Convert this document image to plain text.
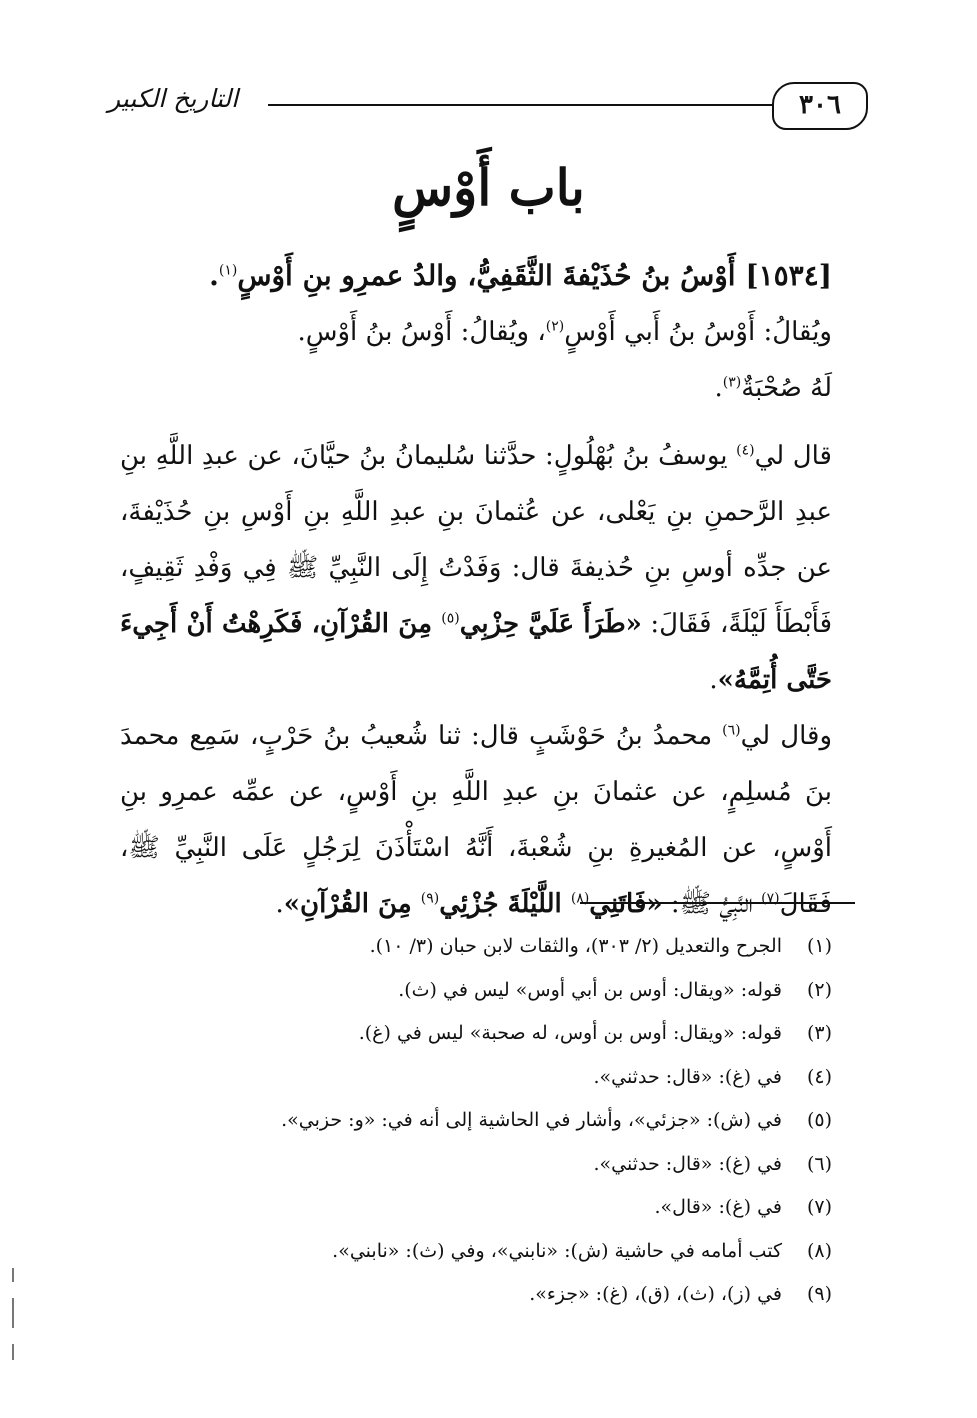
٣٠٦
التاريخ الكبير
باب أَوْسٍ

[١٥٣٤] أَوْسُ بنُ حُذَيْفةَ الثَّقَفِيُّ، والدُ عمرِو بنِ أَوْسٍ$^{(١)}$.

ويُقالُ: أَوْسُ بنُ أَبي أَوْسٍ$^{(٢)}$، ويُقالُ: أَوْسُ بنُ أَوْسٍ.

لَهُ صُحْبَةٌ$^{(٣)}$.

قال لي$^{(٤)}$ يوسفُ بنُ بُهْلُولٍ: حدَّثنا سُليمانُ بنُ حيَّانَ، عن عبدِ اللَّهِ بنِ عبدِ الرَّحمنِ بنِ يَعْلى، عن عُثمانَ بنِ عبدِ اللَّهِ بنِ أَوْسِ بنِ حُذَيْفةَ، عن جدِّه أوسِ بنِ حُذيفةَ قال: وَفَدْتُ إِلَى النَّبِيِّ ﷺ فِي وَفْدِ ثَقِيفٍ، فَأَبْطَأَ لَيْلَةً، فَقَالَ: «طَرَأَ عَلَيَّ حِزْبِي$^{(٥)}$ مِنَ القُرْآنِ، فَكَرِهْتُ أَنْ أَجِيءَ حَتَّى أُتِمَّهُ».

وقال لي$^{(٦)}$ محمدُ بنُ حَوْشَبٍ قال: ثنا شُعيبُ بنُ حَرْبٍ، سَمِع محمدَ بنَ مُسلِمٍ، عن عثمانَ بنِ عبدِ اللَّهِ بنِ أَوْسٍ، عن عمِّه عمرِو بنِ أَوْسٍ، عن المُغيرةِ بنِ شُعْبةَ، أَنَّهُ اسْتَأْذَنَ لِرَجُلٍ عَلَى النَّبِيِّ ﷺ، فَقَالَ$^{(٧)}$ النَّبِيُّ ﷺ: «فَاتَنِي$^{(٨)}$ اللَّيْلَةَ جُزْئِي$^{(٩)}$ مِنَ القُرْآنِ».

(١)
الجرح والتعديل (٢/ ٣٠٣)، والثقات لابن حبان (٣/ ١٠).
(٢)
قوله: «ويقال: أوس بن أبي أوس» ليس في (ث).
(٣)
قوله: «ويقال: أوس بن أوس، له صحبة» ليس في (غ).
(٤)
في (غ): «قال: حدثني».
(٥)
في (ش): «جزئي»، وأشار في الحاشية إلى أنه في: «و: حزبي».
(٦)
في (غ): «قال: حدثني».
(٧)
في (غ): «قال».
(٨)
كتب أمامه في حاشية (ش): «نابني»، وفي (ث): «نابني».
(٩)
في (ز)، (ث)، (ق)، (غ): «جزء».
